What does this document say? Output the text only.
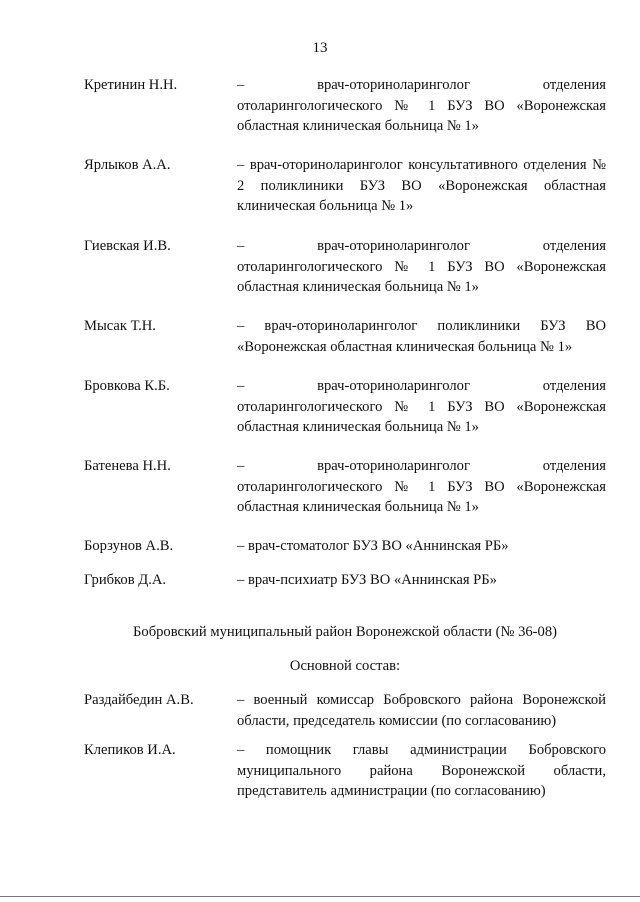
13
Кретинин Н.Н.	– врач-оториноларинголог отделения отоларингологического № 1 БУЗ ВО «Воронежская областная клиническая больница № 1»
Ярлыков А.А.	– врач-оториноларинголог консультативного отделения № 2 поликлиники БУЗ ВО «Воронежская областная клиническая больница № 1»
Гиевская И.В.	– врач-оториноларинголог отделения отоларингологического № 1 БУЗ ВО «Воронежская областная клиническая больница № 1»
Мысак Т.Н.	– врач-оториноларинголог поликлиники БУЗ ВО «Воронежская областная клиническая больница № 1»
Бровкова К.Б.	– врач-оториноларинголог отделения отоларингологического № 1 БУЗ ВО «Воронежская областная клиническая больница № 1»
Батенева Н.Н.	– врач-оториноларинголог отделения отоларингологического № 1 БУЗ ВО «Воронежская областная клиническая больница № 1»
Борзунов А.В.	– врач-стоматолог БУЗ ВО «Аннинская РБ»
Грибков Д.А.	– врач-психиатр БУЗ ВО «Аннинская РБ»
Бобровский муниципальный район Воронежской области (№ 36-08)
Основной состав:
Раздайбедин А.В.	– военный комиссар Бобровского района Воронежской области, председатель комиссии (по согласованию)
Клепиков И.А.	– помощник главы администрации Бобровского муниципального района Воронежской области, представитель администрации (по согласованию)
